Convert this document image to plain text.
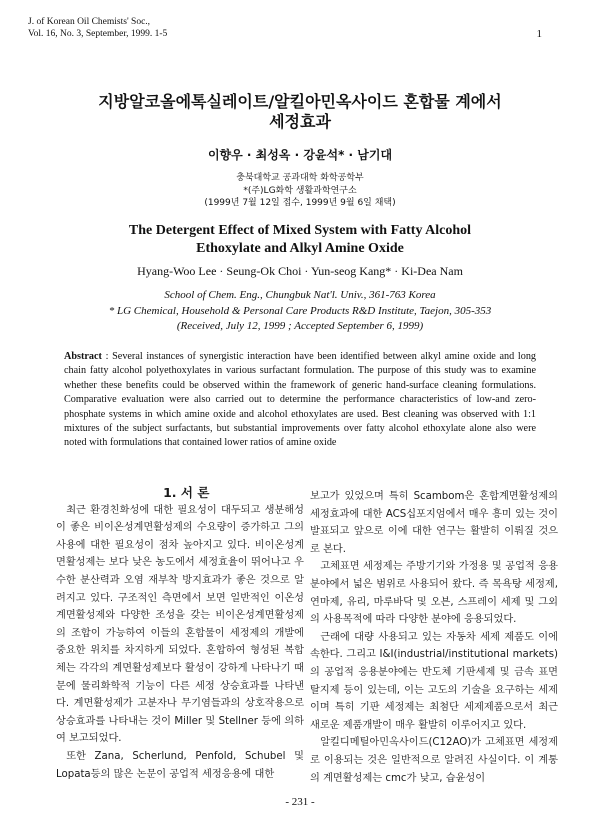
J. of Korean Oil Chemists' Soc.,
Vol. 16, No. 3, September, 1999. 1-5	1
지방알코올에톡실레이트/알킬아민옥사이드 혼합물 계에서
세정효과
이향우 · 최성옥 · 강윤석* · 남기대
충북대학교 공과대학 화학공학부
*(주)LG화학 생활과학연구소
(1999년 7월 12일 접수, 1999년 9월 6일 채택)
The Detergent Effect of Mixed System with Fatty Alcohol
Ethoxylate and Alkyl Amine Oxide
Hyang-Woo Lee · Seung-Ok Choi · Yun-seog Kang* · Ki-Dea Nam
School of Chem. Eng., Chungbuk Nat'l. Univ., 361-763 Korea
* LG Chemical, Household & Personal Care Products R&D Institute, Taejon, 305-353
(Received, July 12, 1999 ; Accepted September 6, 1999)
Abstract : Several instances of synergistic interaction have been identified between alkyl amine oxide and long chain fatty alcohol polyethoxylates in various surfactant formulation. The purpose of this study was to examine whether these benefits could be observed within the framework of generic hand-surface cleaning formulations. Comparative evaluation were also carried out to determine the performance characteristics of low-and zero-phosphate systems in which amine oxide and alcohol ethoxylates are used. Best cleaning was observed with 1:1 mixtures of the subject surfactants, but substantial improvements over fatty alcohol ethoxylate alone also were noted with formulations that contained lower ratios of amine oxide

1. 서 론

최근 환경친화성에 대한 필요성이 대두되고 생분해성이 좋은 비이온성계면활성제의 수요량이 증가하고 그의 사용에 대한 필요성이 점차 높아지고 있다. 비이온성계면활성제는 보다 낮은 농도에서 세정효율이 뛰어나고 우수한 분산력과 오염 재부착 방지효과가 좋은 것으로 알려지고 있다. 구조적인 측면에서 보면 일반적인 이온성계면활성제와 다양한 조성을 갖는 비이온성계면활성제의 조합이 가능하여 이들의 혼합물이 세정제의 개발에 중요한 위치를 차지하게 되었다. 혼합하여 형성된 복합체는 각각의 계면활성제보다 활성이 강하게 나타나기 때문에 물리화학적 기능이 다른 세정 상승효과를 나타낸다. 계면활성제가 고분자나 무기염들과의 상호작용으로 상승효과를 나타내는 것이 Miller 및 Stellner 등에 의하여 보고되었다.

또한 Zana, Scherlund, Penfold, Schubel 및 Lopata등의 많은 논문이 공업적 세정응용에 대한

보고가 있었으며 특히 Scambom은 혼합계면활성제의 세정효과에 대한 ACS십포지엄에서 매우 흥미 있는 것이 발표되고 앞으로 이에 대한 연구는 활발히 이뤄질 것으로 본다.

고체표면 세정제는 주방기기와 가정용 및 공업적 응용분야에서 넓은 범위로 사용되어 왔다. 즉 목욕탕 세정제, 연마제, 유리, 마루바닥 및 오븐, 스프레이 세제 및 그외의 사용목적에 따라 다양한 분야에 응용되었다.

근래에 대량 사용되고 있는 자동차 세제 제품도 이에 속한다. 그리고 I&I(industrial/institutional markets)의 공업적 응용분야에는 반도체 기판세제 및 금속 표면 탈지제 등이 있는데, 이는 고도의 기술을 요구하는 세제이며 특히 기판 세정제는 최첨단 세제제품으로서 최근 새로운 제품개발이 매우 활발히 이루어지고 있다.

알킬디메틸아민옥사이드(C12AO)가 고체표면 세정제로 이용되는 것은 일반적으로 알려진 사실이다. 이 계통의 계면활성제는 cmc가 낮고, 습윤성이

- 231 -
